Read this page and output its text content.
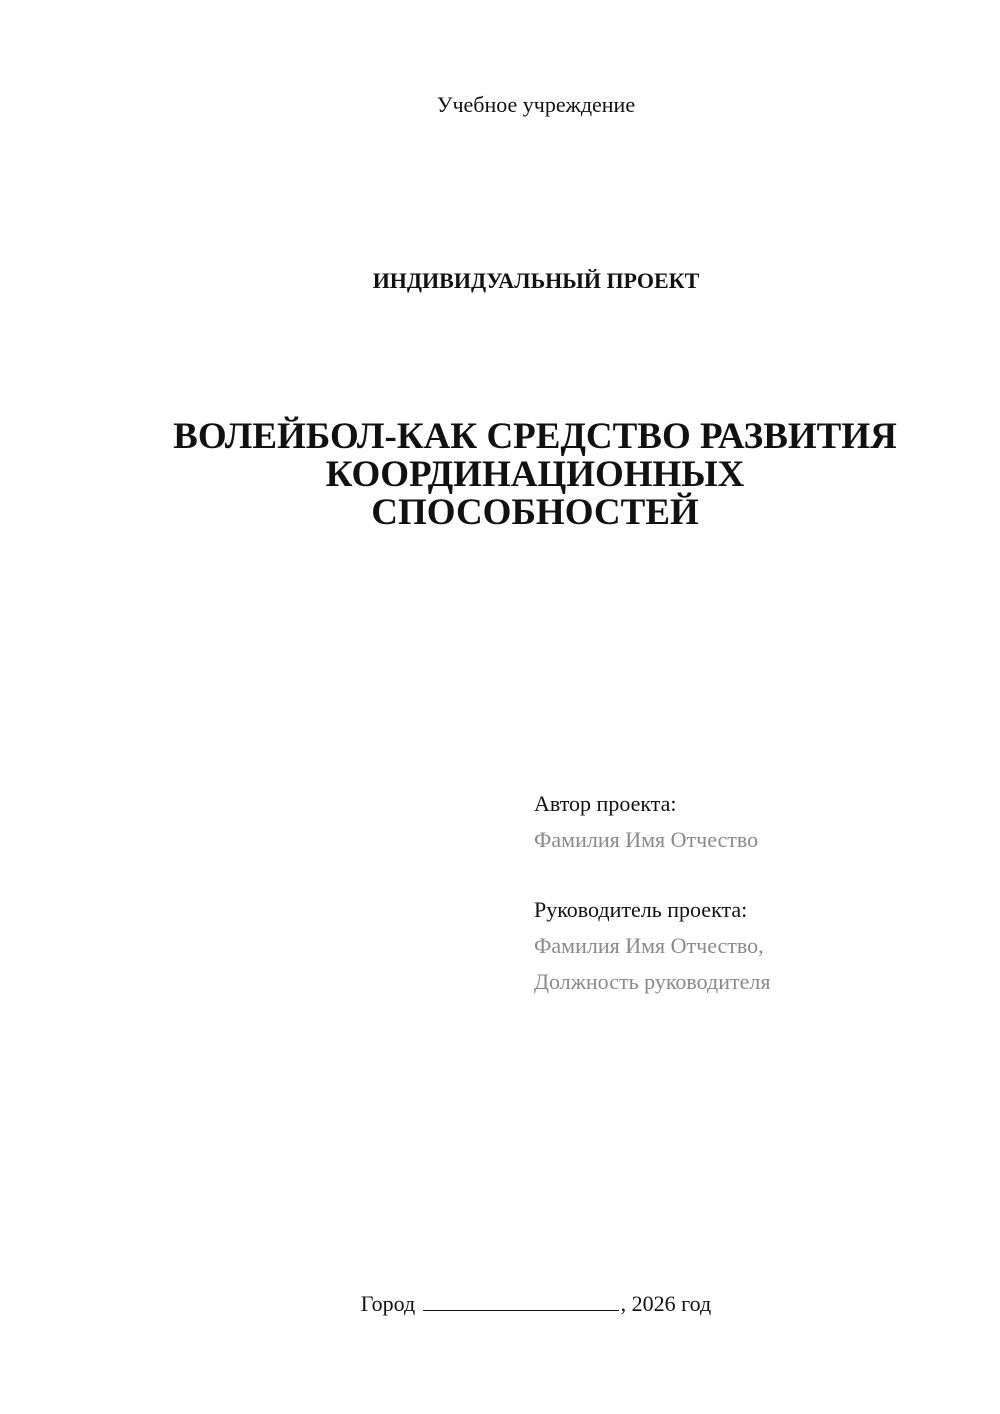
Учебное учреждение
ИНДИВИДУАЛЬНЫЙ ПРОЕКТ
ВОЛЕЙБОЛ-КАК СРЕДСТВО РАЗВИТИЯ
КООРДИНАЦИОННЫХ
СПОСОБНОСТЕЙ
Автор проекта:
Фамилия Имя Отчество
Руководитель проекта:
Фамилия Имя Отчество,
Должность руководителя
Город	, 2026 год
